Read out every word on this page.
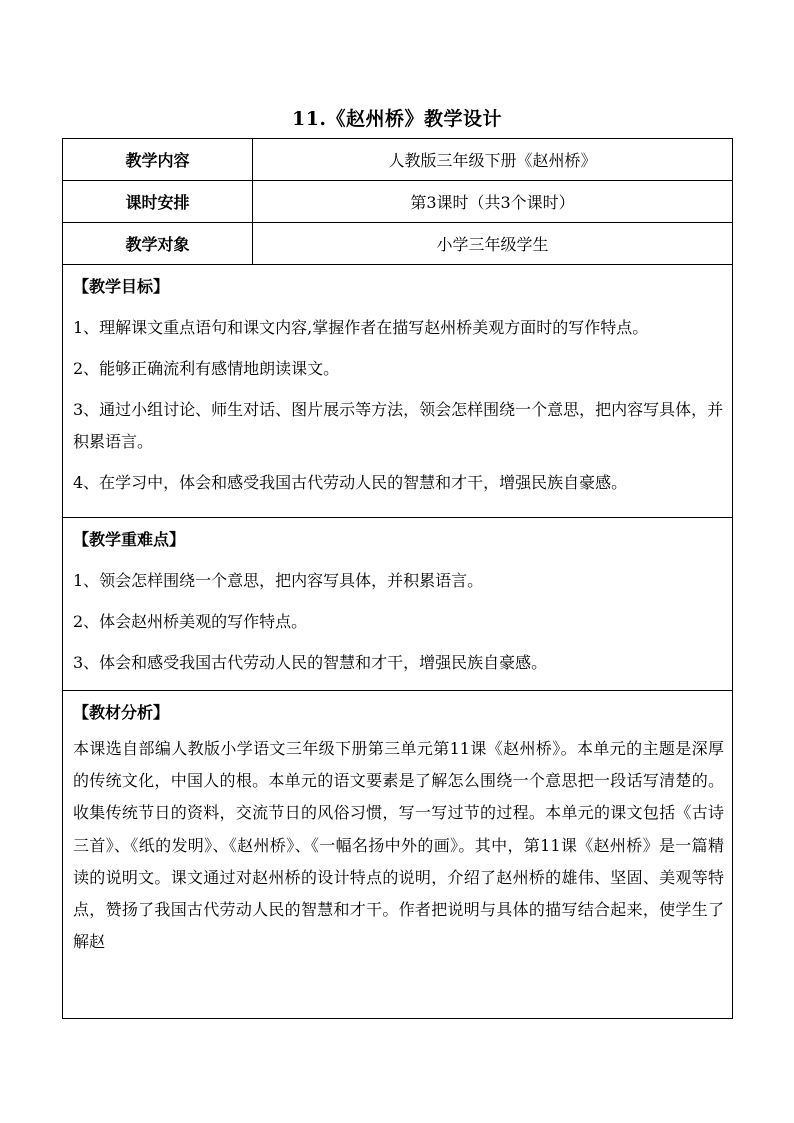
11.《赵州桥》教学设计
教学内容	人教版三年级下册《赵州桥》
课时安排	第3课时（共3个课时）
教学对象	小学三年级学生

【教学目标】
1、理解课文重点语句和课文内容,掌握作者在描写赵州桥美观方面时的写作特点。
2、能够正确流利有感情地朗读课文。
3、通过小组讨论、师生对话、图片展示等方法，领会怎样围绕一个意思，把内容写具体，并积累语言。
4、在学习中，体会和感受我国古代劳动人民的智慧和才干，增强民族自豪感。	

【教学重难点】
1、领会怎样围绕一个意思，把内容写具体，并积累语言。
2、体会赵州桥美观的写作特点。
3、体会和感受我国古代劳动人民的智慧和才干，增强民族自豪感。	

【教材分析】
本课选自部编人教版小学语文三年级下册第三单元第11课《赵州桥》。本单元的主题是深厚的传统文化，中国人的根。本单元的语文要素是了解怎么围绕一个意思把一段话写清楚的。收集传统节日的资料，交流节日的风俗习惯，写一写过节的过程。本单元的课文包括《古诗三首》、《纸的发明》、《赵州桥》、《一幅名扬中外的画》。其中，第11课《赵州桥》是一篇精读的说明文。课文通过对赵州桥的设计特点的说明，介绍了赵州桥的雄伟、坚固、美观等特点，赞扬了我国古代劳动人民的智慧和才干。作者把说明与具体的描写结合起来，使学生了解赵	
